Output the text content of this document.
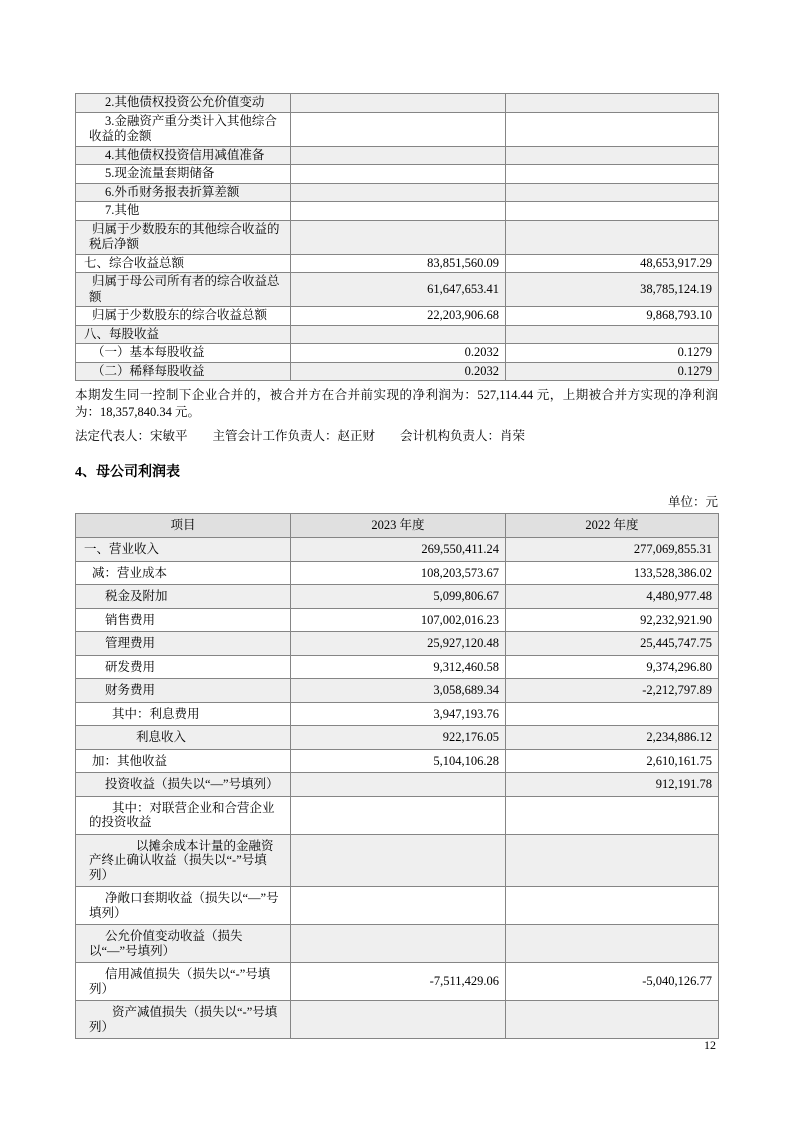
2.其他债权投资公允价值变动		
3.金融资产重分类计入其他综合收益的金额		
4.其他债权投资信用减值准备		
5.现金流量套期储备		
6.外币财务报表折算差额		
7.其他		
归属于少数股东的其他综合收益的税后净额		
七、综合收益总额	83,851,560.09	48,653,917.29
归属于母公司所有者的综合收益总额	61,647,653.41	38,785,124.19
归属于少数股东的综合收益总额	22,203,906.68	9,868,793.10
八、每股收益		
（一）基本每股收益	0.2032	0.1279
（二）稀释每股收益	0.2032	0.1279

本期发生同一控制下企业合并的，被合并方在合并前实现的净利润为：527,114.44 元，上期被合并方实现的净利润为：18,357,840.34 元。

法定代表人：宋敏平　　主管会计工作负责人：赵正财　　会计机构负责人：肖荣

4、母公司利润表
单位：元
项目	2023 年度	2022 年度
一、营业收入	269,550,411.24	277,069,855.31
减：营业成本	108,203,573.67	133,528,386.02
税金及附加	5,099,806.67	4,480,977.48
销售费用	107,002,016.23	92,232,921.90
管理费用	25,927,120.48	25,445,747.75
研发费用	9,312,460.58	9,374,296.80
财务费用	3,058,689.34	-2,212,797.89
其中：利息费用	3,947,193.76	
利息收入	922,176.05	2,234,886.12
加：其他收益	5,104,106.28	2,610,161.75
投资收益（损失以“—”号填列）		912,191.78
其中：对联营企业和合营企业的投资收益		
以摊余成本计量的金融资产终止确认收益（损失以“-”号填列）		
净敞口套期收益（损失以“—”号填列）		
公允价值变动收益（损失以“—”号填列）		
信用减值损失（损失以“-”号填列）	-7,511,429.06	-5,040,126.77
资产减值损失（损失以“-”号填列）		
12
